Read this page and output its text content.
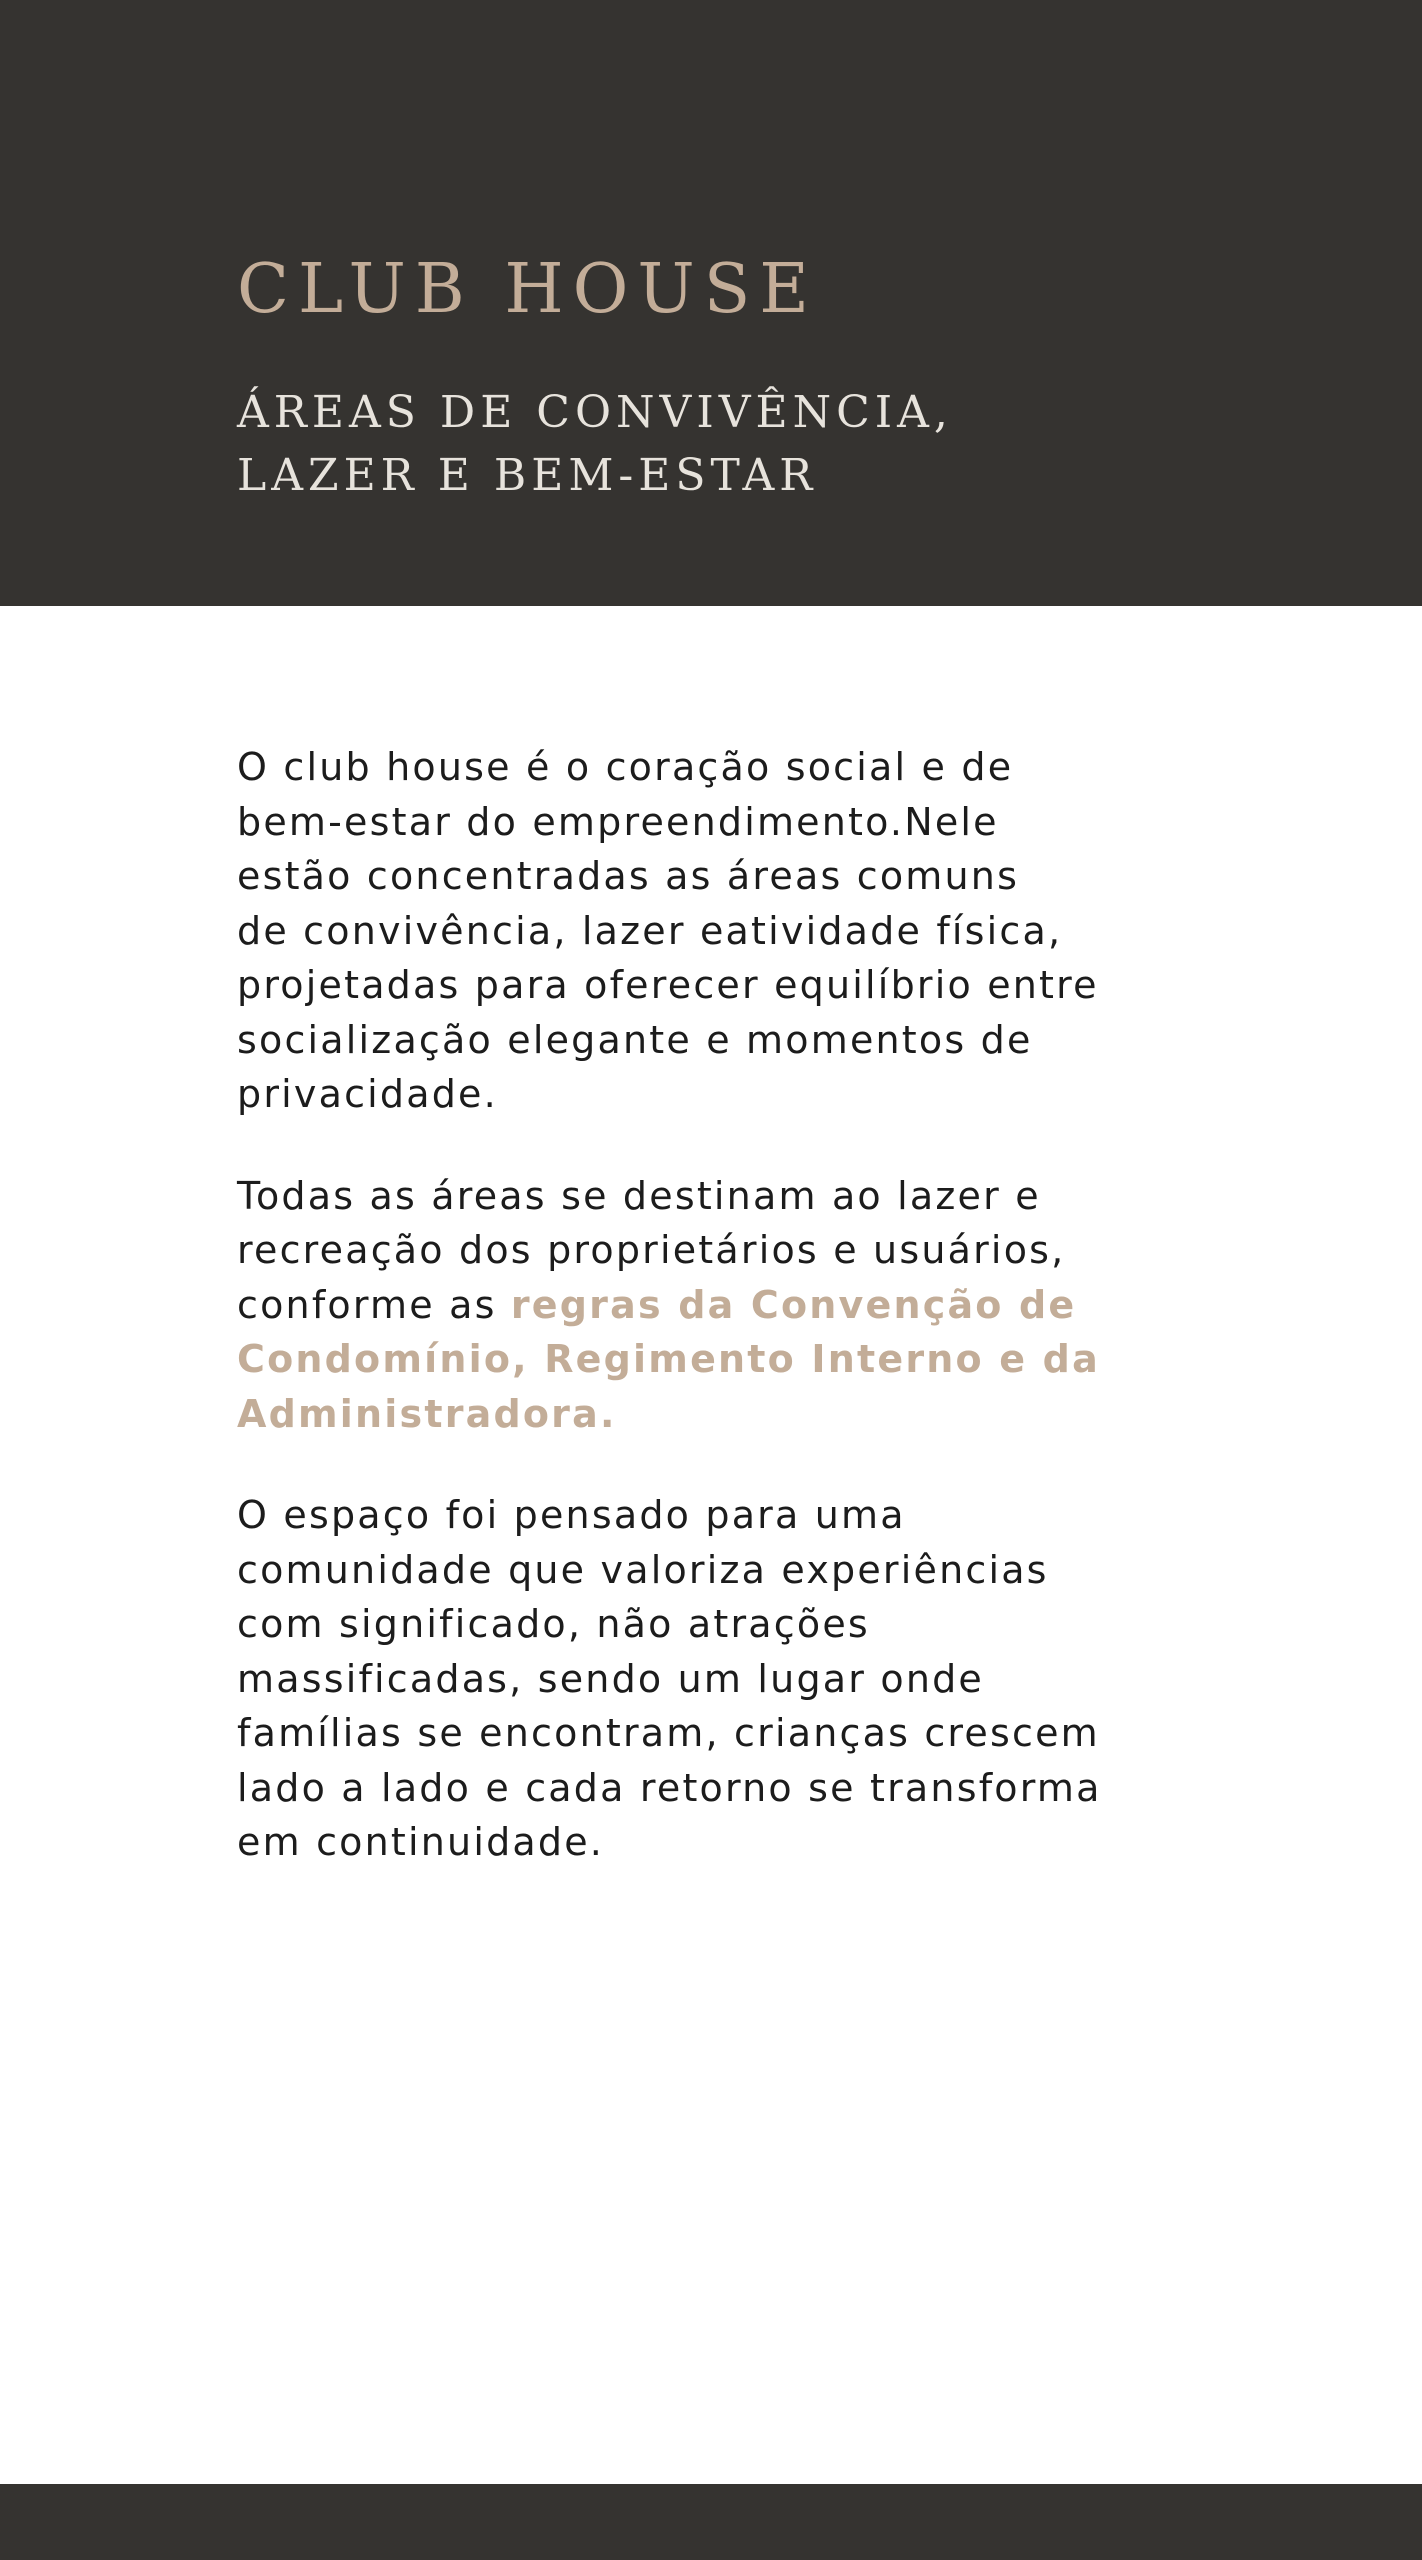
CLUB HOUSE
ÁREAS DE CONVIVÊNCIA,
LAZER E BEM-ESTAR

O club house é o coração social e de
bem-estar do empreendimento.Nele
estão concentradas as áreas comuns
de convivência, lazer eatividade física,
projetadas para oferecer equilíbrio entre
socialização elegante e momentos de
privacidade.

Todas as áreas se destinam ao lazer e
recreação dos proprietários e usuários,
conforme as regras da Convenção de
Condomínio, Regimento Interno e da
Administradora.

O espaço foi pensado para uma
comunidade que valoriza experiências
com significado, não atrações
massificadas, sendo um lugar onde
famílias se encontram, crianças crescem
lado a lado e cada retorno se transforma
em continuidade.
